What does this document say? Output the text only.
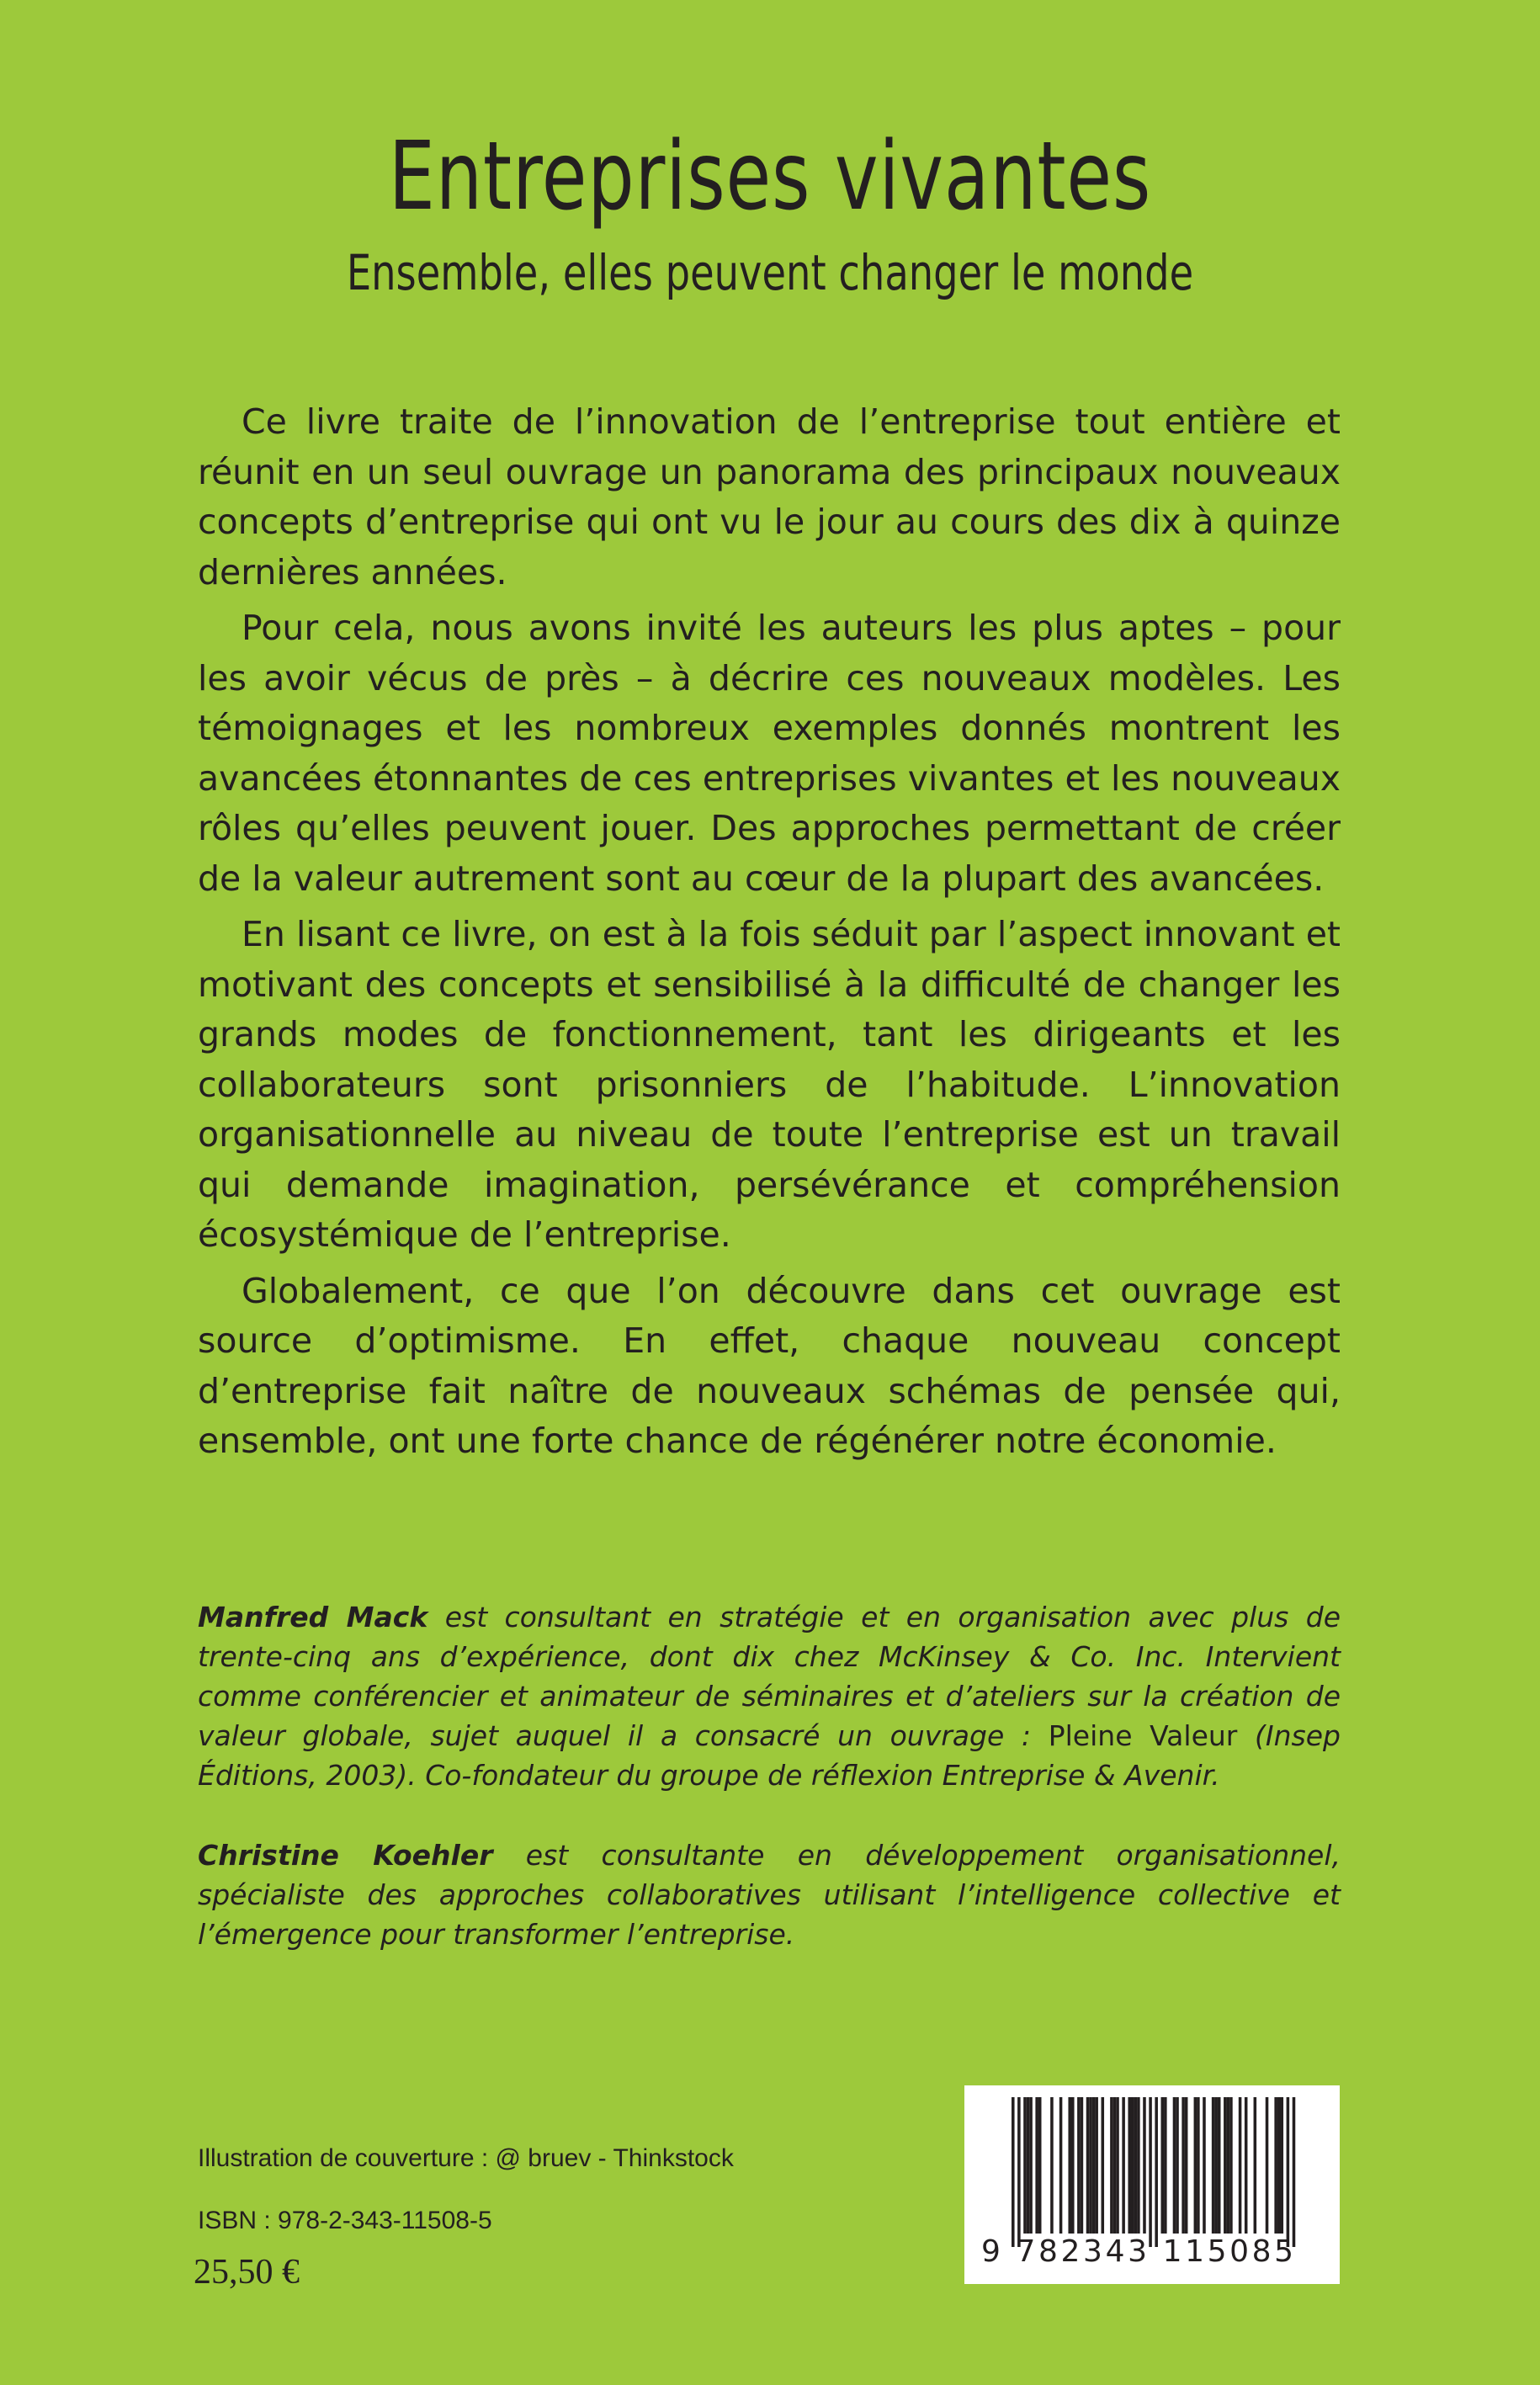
Entreprises vivantes
Ensemble, elles peuvent changer le monde

Ce livre traite de l’innovation de l’entreprise tout entière et réunit en un seul ouvrage un panorama des principaux nouveaux concepts d’entreprise qui ont vu le jour au cours des dix à quinze dernières années.

Pour cela, nous avons invité les auteurs les plus aptes – pour les avoir vécus de près – à décrire ces nouveaux modèles. Les témoignages et les nombreux exemples donnés montrent les avancées étonnantes de ces entreprises vivantes et les nouveaux rôles qu’elles peuvent jouer. Des approches permettant de créer de la valeur autrement sont au cœur de la plupart des avancées.

En lisant ce livre, on est à la fois séduit par l’aspect innovant et motivant des concepts et sensibilisé à la difficulté de changer les grands modes de fonctionnement, tant les dirigeants et les collaborateurs sont prisonniers de l’habitude. L’innovation organisationnelle au niveau de toute l’entreprise est un travail qui demande imagination, persévérance et compréhension écosystémique de l’entreprise.

Globalement, ce que l’on découvre dans cet ouvrage est source d’optimisme. En effet, chaque nouveau concept d’entreprise fait naître de nouveaux schémas de pensée qui, ensemble, ont une forte chance de régénérer notre économie.

Manfred Mack est consultant en stratégie et en organisation avec plus de trente-cinq ans d’expérience, dont dix chez McKinsey & Co. Inc. Intervient comme conférencier et animateur de séminaires et d’ateliers sur la création de valeur globale, sujet auquel il a consacré un ouvrage : Pleine Valeur (Insep Éditions, 2003). Co-fondateur du groupe de réflexion Entreprise & Avenir.

Christine Koehler est consultante en développement organisationnel, spécialiste des approches collaboratives utilisant l’intelligence collective et l’émergence pour transformer l’entreprise.

Illustration de couverture : @ bruev - Thinkstock
ISBN : 978-2-343-11508-5
25,50 €
9 782343 115085
